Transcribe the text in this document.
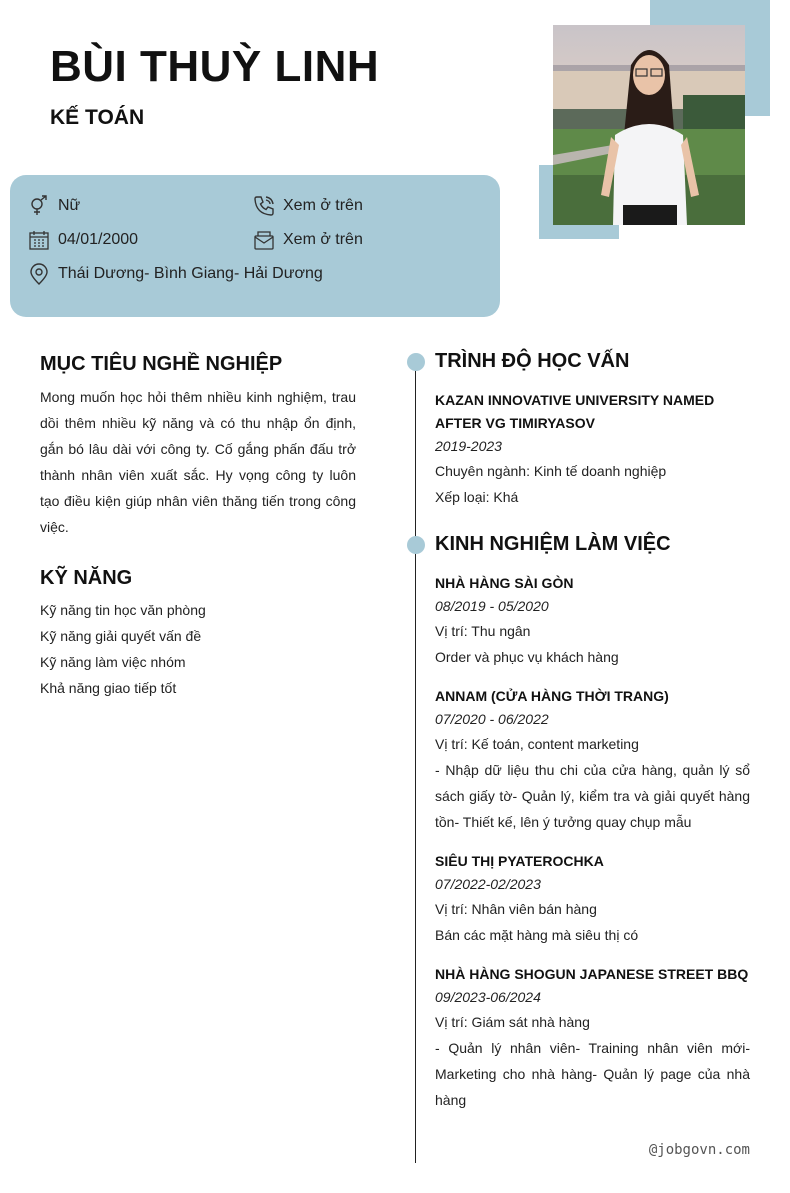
BÙI THUỲ LINH
KẾ TOÁN
Nữ	Xem ở trên
04/01/2000	Xem ở trên
Thái Dương- Bình Giang- Hải Dương
MỤC TIÊU NGHỀ NGHIỆP
Mong muốn học hỏi thêm nhiều kinh nghiệm, trau dồi thêm nhiều kỹ năng và có thu nhập ổn định, gắn bó lâu dài với công ty. Cố gắng phấn đấu trở thành nhân viên xuất sắc. Hy vọng công ty luôn tạo điều kiện giúp nhân viên thăng tiến trong công việc.
KỸ NĂNG
Kỹ năng tin học văn phòng
Kỹ năng giải quyết vấn đề
Kỹ năng làm việc nhóm
Khả năng giao tiếp tốt
TRÌNH ĐỘ HỌC VẤN
KAZAN INNOVATIVE UNIVERSITY NAMED AFTER VG TIMIRYASOV
2019-2023
Chuyên ngành: Kinh tế doanh nghiệp
Xếp loại: Khá
KINH NGHIỆM LÀM VIỆC
NHÀ HÀNG SÀI GÒN
08/2019 - 05/2020
Vị trí: Thu ngân
Order và phục vụ khách hàng
ANNAM (CỬA HÀNG THỜI TRANG)
07/2020 - 06/2022
Vị trí: Kế toán, content marketing
- Nhập dữ liệu thu chi của cửa hàng, quản lý sổ sách giấy tờ- Quản lý, kiểm tra và giải quyết hàng tồn- Thiết kế, lên ý tưởng quay chụp mẫu
SIÊU THỊ PYATEROCHKA
07/2022-02/2023
Vị trí: Nhân viên bán hàng
Bán các mặt hàng mà siêu thị có
NHÀ HÀNG SHOGUN JAPANESE STREET BBQ
09/2023-06/2024
Vị trí: Giám sát nhà hàng
- Quản lý nhân viên- Training nhân viên mới- Marketing cho nhà hàng- Quản lý page của nhà hàng
@jobgovn.com
